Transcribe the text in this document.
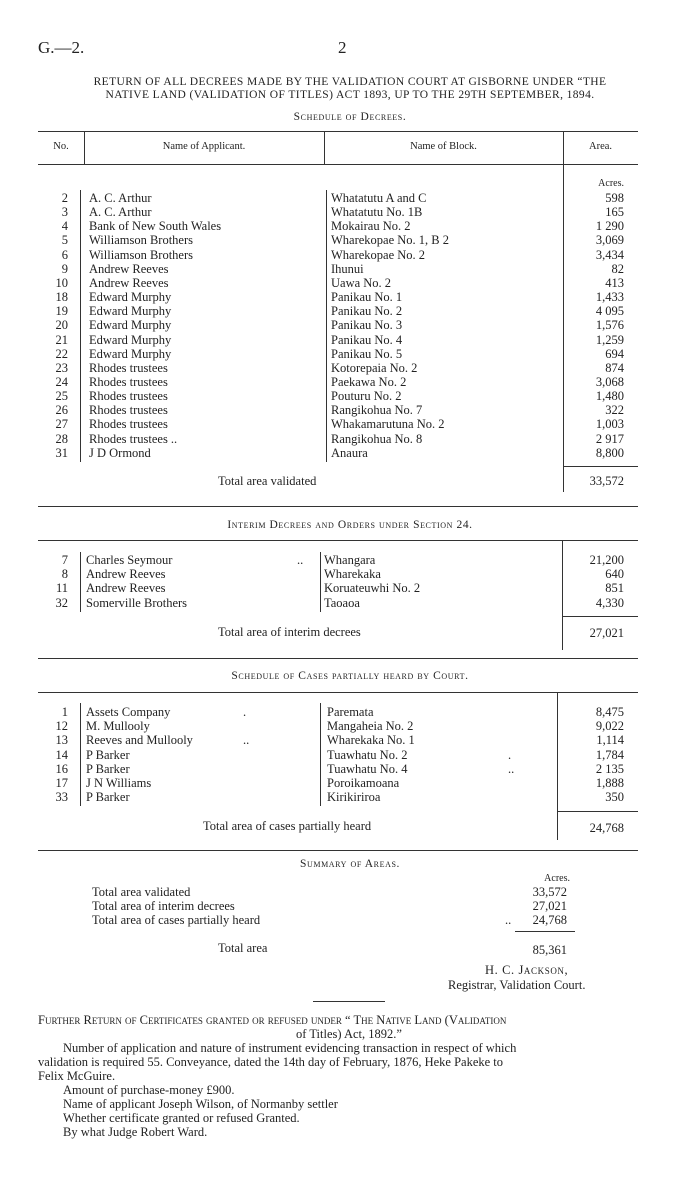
G.—2.	2
RETURN OF ALL DECREES MADE BY THE VALIDATION COURT AT GISBORNE UNDER “THE
NATIVE LAND (VALIDATION OF TITLES) ACT 1893, UP TO THE 29TH SEPTEMBER, 1894.
Schedule of Decrees.
No.	Name of Applicant.	Name of Block.	Area.
Acres.
2 A. C. Arthur	Whatatutu A and C	598
3 A. C. Arthur	Whatatutu No. 1B	165
4 Bank of New South Wales	Mokairau No. 2	1 290
5 Williamson Brothers	Wharekopae No. 1, B 2	3,069
6 Williamson Brothers	Wharekopae No. 2	3,434
9 Andrew Reeves	Ihunui	82
10 Andrew Reeves	Uawa No. 2	413
18 Edward Murphy	Panikau No. 1	1,433
19 Edward Murphy	Panikau No. 2	4 095
20 Edward Murphy	Panikau No. 3	1,576
21 Edward Murphy	Panikau No. 4	1,259
22 Edward Murphy	Panikau No. 5	694
23 Rhodes trustees	Kotorepaia No. 2	874
24 Rhodes trustees	Paekawa No. 2	3,068
25 Rhodes trustees	Pouturu No. 2	1,480
26 Rhodes trustees	Rangikohua No. 7	322
27 Rhodes trustees	Whakamarutuna No. 2	1,003
28 Rhodes trustees ..	Rangikohua No. 8	2 917
31 J D Ormond	Anaura	8,800
Total area validated	33,572
Interim Decrees and Orders under Section 24.
7 Charles Seymour	.. Whangara	21,200
8 Andrew Reeves	Wharekaka	640
11 Andrew Reeves	Koruateuwhi No. 2	851
32 Somerville Brothers	Taoaoa	4,330
Total area of interim decrees	27,021
Schedule of Cases partially heard by Court.
1 Assets Company	.	Paremata	8,475
12 M. Mullooly	Mangaheia No. 2	9,022
13 Reeves and Mullooly	..	Wharekaka No. 1	1,114
14 P Barker	Tuawhatu No. 2	.	1,784
16 P Barker	Tuawhatu No. 4	..	2 135
17 J N Williams	Poroikamoana	1,888
33 P Barker	Kirikiriroa	350
Total area of cases partially heard	24,768
Summary of Areas.
Acres.
Total area validated	33,572
Total area of interim decrees	27,021
Total area of cases partially heard	..	24,768
Total area	85,361
H. C. Jackson,
Registrar, Validation Court.
Further Return of Certificates granted or refused under “ The Native Land (Validation
of Titles) Act, 1892.”
Number of application and nature of instrument evidencing transaction in respect of which
validation is required 55. Conveyance, dated the 14th day of February, 1876, Heke Pakeke to
Felix McGuire.
Amount of purchase-money £900.
Name of applicant Joseph Wilson, of Normanby settler
Whether certificate granted or refused Granted.
By what Judge Robert Ward.
